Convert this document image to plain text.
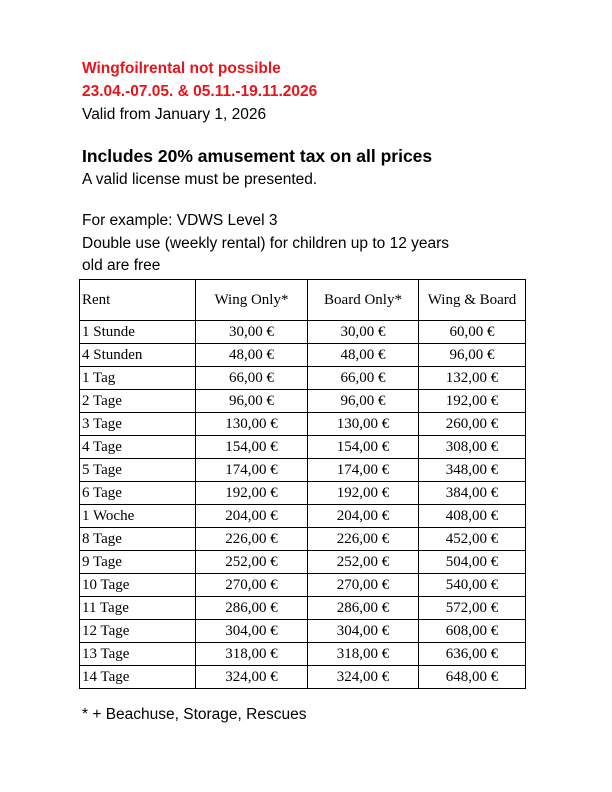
Wingfoilrental not possible
23.04.-07.05. & 05.11.-19.11.2026
Valid from January 1, 2026
Includes 20% amusement tax on all prices
A valid license must be presented.
For example: VDWS Level 3
Double use (weekly rental) for children up to 12 years
old are free
Rent	Wing Only*	Board Only*	Wing & Board
1 Stunde	30,00 €	30,00 €	60,00 €
4 Stunden	48,00 €	48,00 €	96,00 €
1 Tag	66,00 €	66,00 €	132,00 €
2 Tage	96,00 €	96,00 €	192,00 €
3 Tage	130,00 €	130,00 €	260,00 €
4 Tage	154,00 €	154,00 €	308,00 €
5 Tage	174,00 €	174,00 €	348,00 €
6 Tage	192,00 €	192,00 €	384,00 €
1 Woche	204,00 €	204,00 €	408,00 €
8 Tage	226,00 €	226,00 €	452,00 €
9 Tage	252,00 €	252,00 €	504,00 €
10 Tage	270,00 €	270,00 €	540,00 €
11 Tage	286,00 €	286,00 €	572,00 €
12 Tage	304,00 €	304,00 €	608,00 €
13 Tage	318,00 €	318,00 €	636,00 €
14 Tage	324,00 €	324,00 €	648,00 €
* + Beachuse, Storage, Rescues
